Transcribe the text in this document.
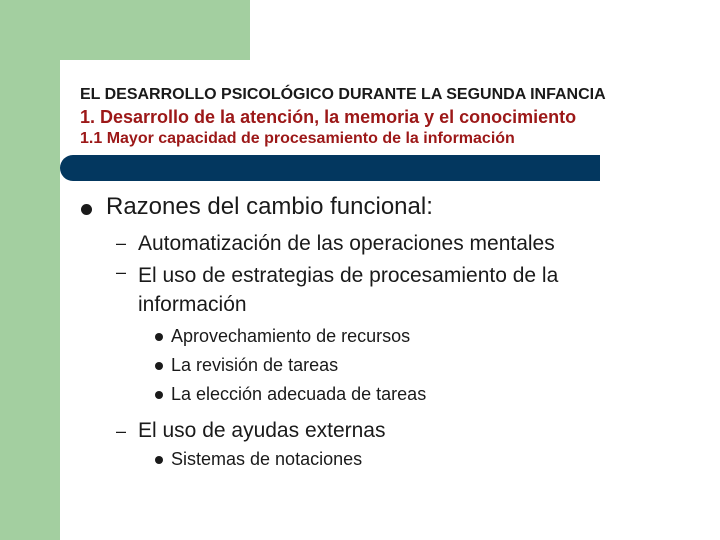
EL DESARROLLO PSICOLÓGICO DURANTE LA SEGUNDA INFANCIA
1. Desarrollo de la atención, la memoria y el conocimiento
1.1 Mayor capacidad de procesamiento de la información
Razones del cambio funcional:
– Automatización de las operaciones mentales
– El uso de estrategias de procesamiento de la
información
Aprovechamiento de recursos
La revisión de tareas
La elección adecuada de tareas
– El uso de ayudas externas
Sistemas de notaciones
